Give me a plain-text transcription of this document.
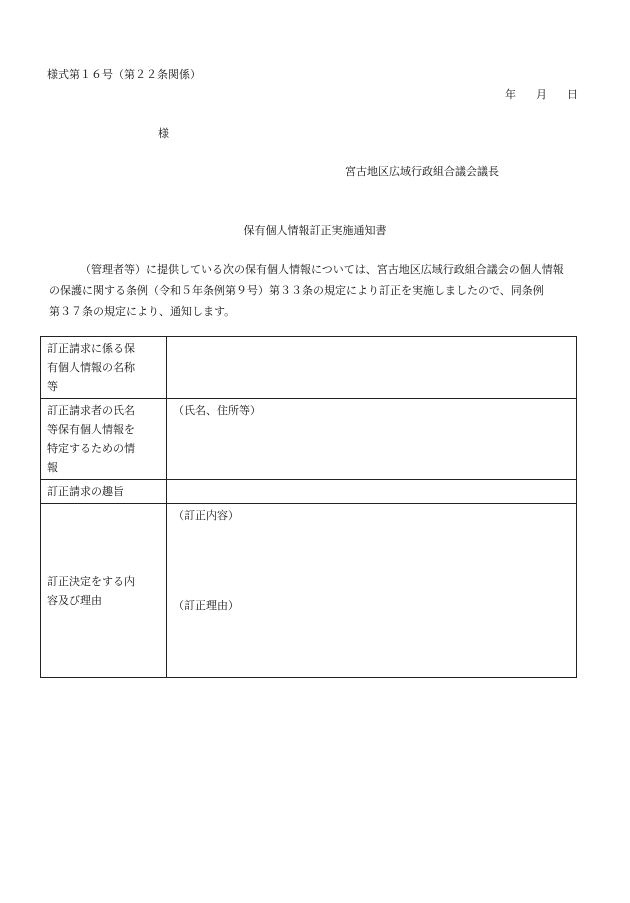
様式第１６号（第２２条関係）
年 月 日
様
宮古地区広域行政組合議会議長
保有個人情報訂正実施通知書
（管理者等）に提供している次の保有個人情報については、宮古地区広域行政組合議会の個人情報
の保護に関する条例（令和５年条例第９号）第３３条の規定により訂正を実施しましたので、同条例
第３７条の規定により、通知します。
訂正請求に係る保
有個人情報の名称
等	

訂正請求者の氏名
等保有個人情報を
特定するための情
報	（氏名、住所等）

訂正請求の趣旨	

訂正決定をする内
容及び理由	（訂正内容）
（訂正理由）
